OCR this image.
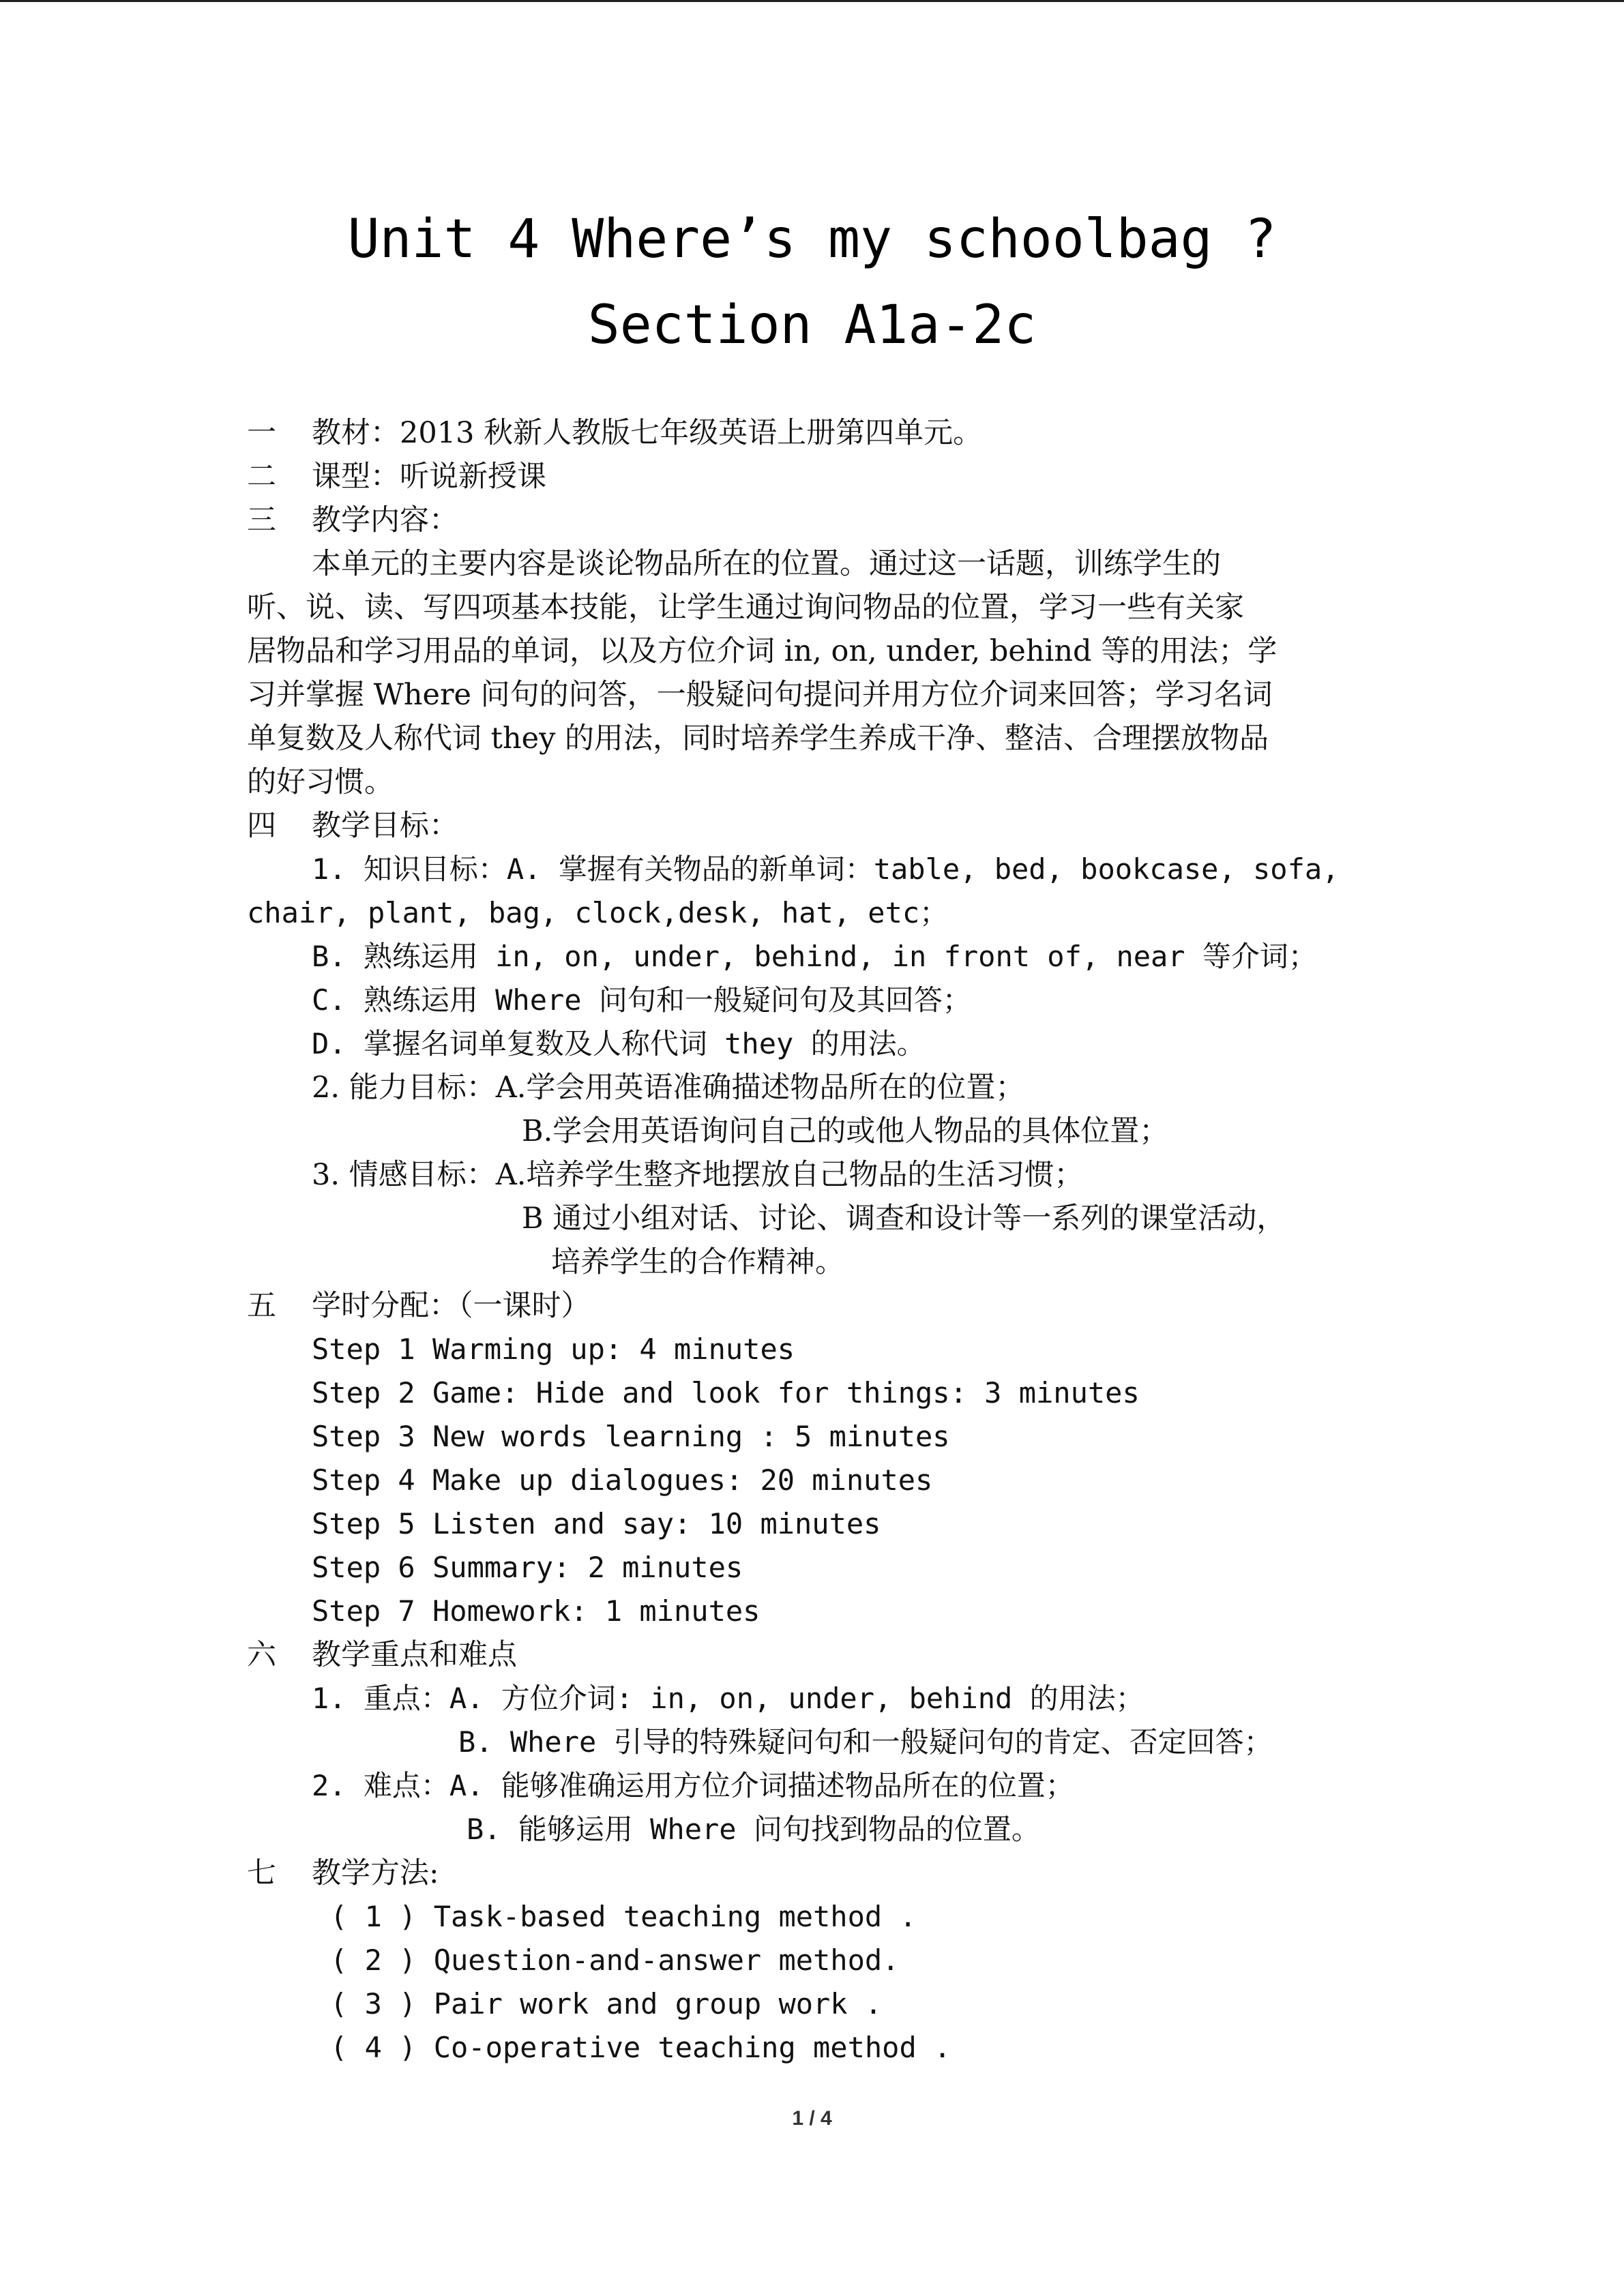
Unit 4 Where’s my schoolbag ?
Section A1a-2c
一 教材：2013 秋新人教版七年级英语上册第四单元。
二 课型：听说新授课
三 教学内容：
本单元的主要内容是谈论物品所在的位置。通过这一话题，训练学生的
听、说、读、写四项基本技能，让学生通过询问物品的位置，学习一些有关家
居物品和学习用品的单词，以及方位介词 in, on, under, behind 等的用法；学
习并掌握 Where 问句的问答，一般疑问句提问并用方位介词来回答；学习名词
单复数及人称代词 they 的用法，同时培养学生养成干净、整洁、合理摆放物品
的好习惯。
四 教学目标：
1. 知识目标：A. 掌握有关物品的新单词：table, bed, bookcase, sofa,
chair, plant, bag, clock,desk, hat, etc；
B. 熟练运用 in, on, under, behind, in front of, near 等介词；
C. 熟练运用 Where 问句和一般疑问句及其回答；
D. 掌握名词单复数及人称代词 they 的用法。
2. 能力目标：A.学会用英语准确描述物品所在的位置；
B.学会用英语询问自己的或他人物品的具体位置；
3. 情感目标：A.培养学生整齐地摆放自己物品的生活习惯；
B 通过小组对话、讨论、调查和设计等一系列的课堂活动，
培养学生的合作精神。
五 学时分配：（一课时）
Step 1 Warming up: 4 minutes
Step 2 Game: Hide and look for things: 3 minutes
Step 3 New words learning : 5 minutes
Step 4 Make up dialogues: 20 minutes
Step 5 Listen and say: 10 minutes
Step 6 Summary: 2 minutes
Step 7 Homework: 1 minutes
六 教学重点和难点
1. 重点：A. 方位介词: in, on, under, behind 的用法；
B. Where 引导的特殊疑问句和一般疑问句的肯定、否定回答；
2. 难点：A. 能够准确运用方位介词描述物品所在的位置；
B. 能够运用 Where 问句找到物品的位置。
七 教学方法:
( 1 ) Task-based teaching method .
( 2 ) Question-and-answer method.
( 3 ) Pair work and group work .
( 4 ) Co-operative teaching method .
1 / 4
